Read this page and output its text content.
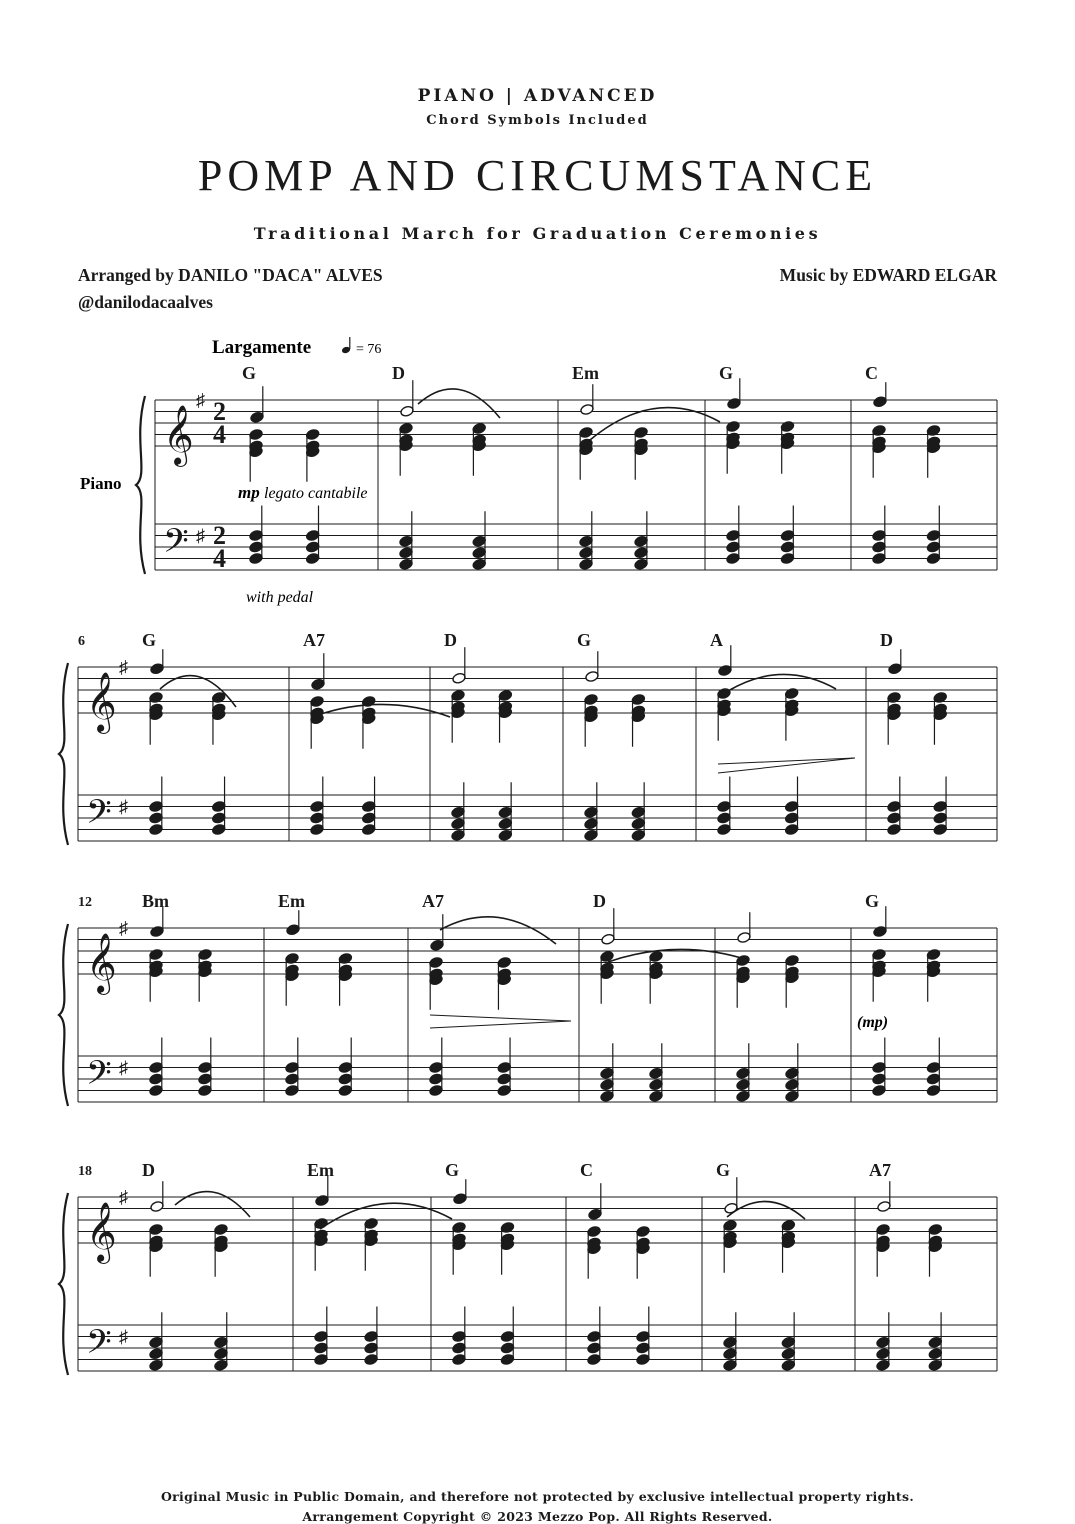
PIANO | ADVANCED
Chord Symbols Included
POMP AND CIRCUMSTANCE
Traditional March for Graduation Ceremonies
Arranged by DANILO "DACA" ALVES
@danilodacaalves
Music by EDWARD ELGAR
Largamente	= 76
Piano	mp legato cantabile
with pedal
(mp)
𝄞
𝄢
♯
♯
2
2
4
4
G	D	Em	G	C
𝄞
𝄢
♯
♯
6	G	A7	D	G	A	D
𝄞
𝄢
♯
♯
12	Bm	Em	A7	D	G
𝄞
𝄢
♯
♯
18	D	Em	G	C	G	A7
Original Music in Public Domain, and therefore not protected by exclusive intellectual property rights.
Arrangement Copyright © 2023 Mezzo Pop. All Rights Reserved.
